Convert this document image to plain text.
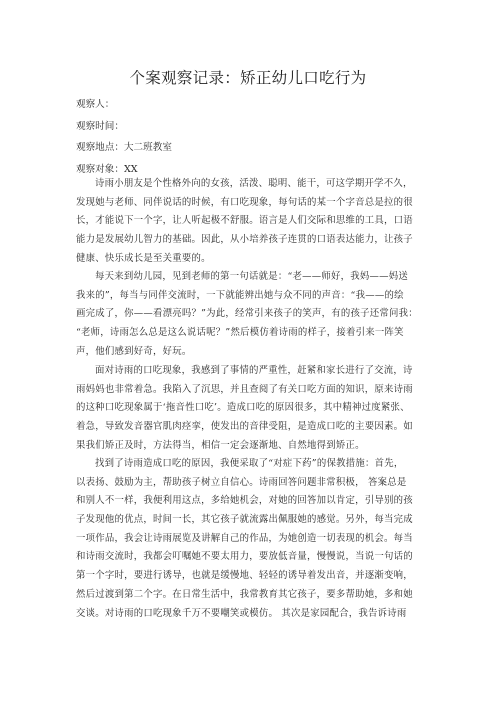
个案观察记录：矫正幼儿口吃行为
观察人：
观察时间：
观察地点：大二班教室
观察对象：XX
诗雨小朋友是个性格外向的女孩，活泼、聪明、能干，可这学期开学不久，
发现她与老师、同伴说话的时候，有口吃现象，每句话的某一个字音总是拉的很
长，才能说下一个字，让人听起极不舒服。语言是人们交际和思维的工具，口语
能力是发展幼儿智力的基础。因此，从小培养孩子连贯的口语表达能力，让孩子
健康、快乐成长是至关重要的。
每天来到幼儿园，见到老师的第一句话就是：“老——师好，我妈——妈送
我来的”，每当与同伴交流时，一下就能辨出她与众不同的声音：“我——的绘
画完成了，你——看漂亮吗？”为此，经常引来孩子的笑声，有的孩子还常问我：
“老师，诗雨怎么总是这么说话呢？”然后模仿着诗雨的样子，接着引来一阵笑
声，他们感到好奇，好玩。
面对诗雨的口吃现象，我感到了事情的严重性，赶紧和家长进行了交流，诗
雨妈妈也非常着急。我陷入了沉思，并且查阅了有关口吃方面的知识，原来诗雨
的这种口吃现象属于‘拖音性口吃’。造成口吃的原因很多，其中精神过度紧张、
着急，导致发音器官肌肉痉挛，使发出的音律受阻，是造成口吃的主要因素。如
果我们矫正及时，方法得当，相信一定会逐渐地、自然地得到矫正。
找到了诗雨造成口吃的原因，我便采取了“对症下药”的保教措施：首先，
以表扬、鼓励为主，帮助孩子树立自信心。诗雨回答问题非常积极， 答案总是
和别人不一样，我便利用这点，多给她机会，对她的回答加以肯定，引导别的孩
子发现他的优点，时间一长，其它孩子就流露出佩服她的感觉。另外，每当完成
一项作品，我会让诗雨展览及讲解自己的作品，为她创造一切表现的机会。每当
和诗雨交流时，我都会叮嘱她不要太用力，要放低音量，慢慢说，当说一句话的
第一个字时，要进行诱导，也就是缓慢地、轻轻的诱导着发出音，并逐渐变响，
然后过渡到第二个字。在日常生活中，我常教育其它孩子，要多帮助她，多和她
交谈。对诗雨的口吃现象千万不要嘲笑或模仿。 其次是家园配合，我告诉诗雨
